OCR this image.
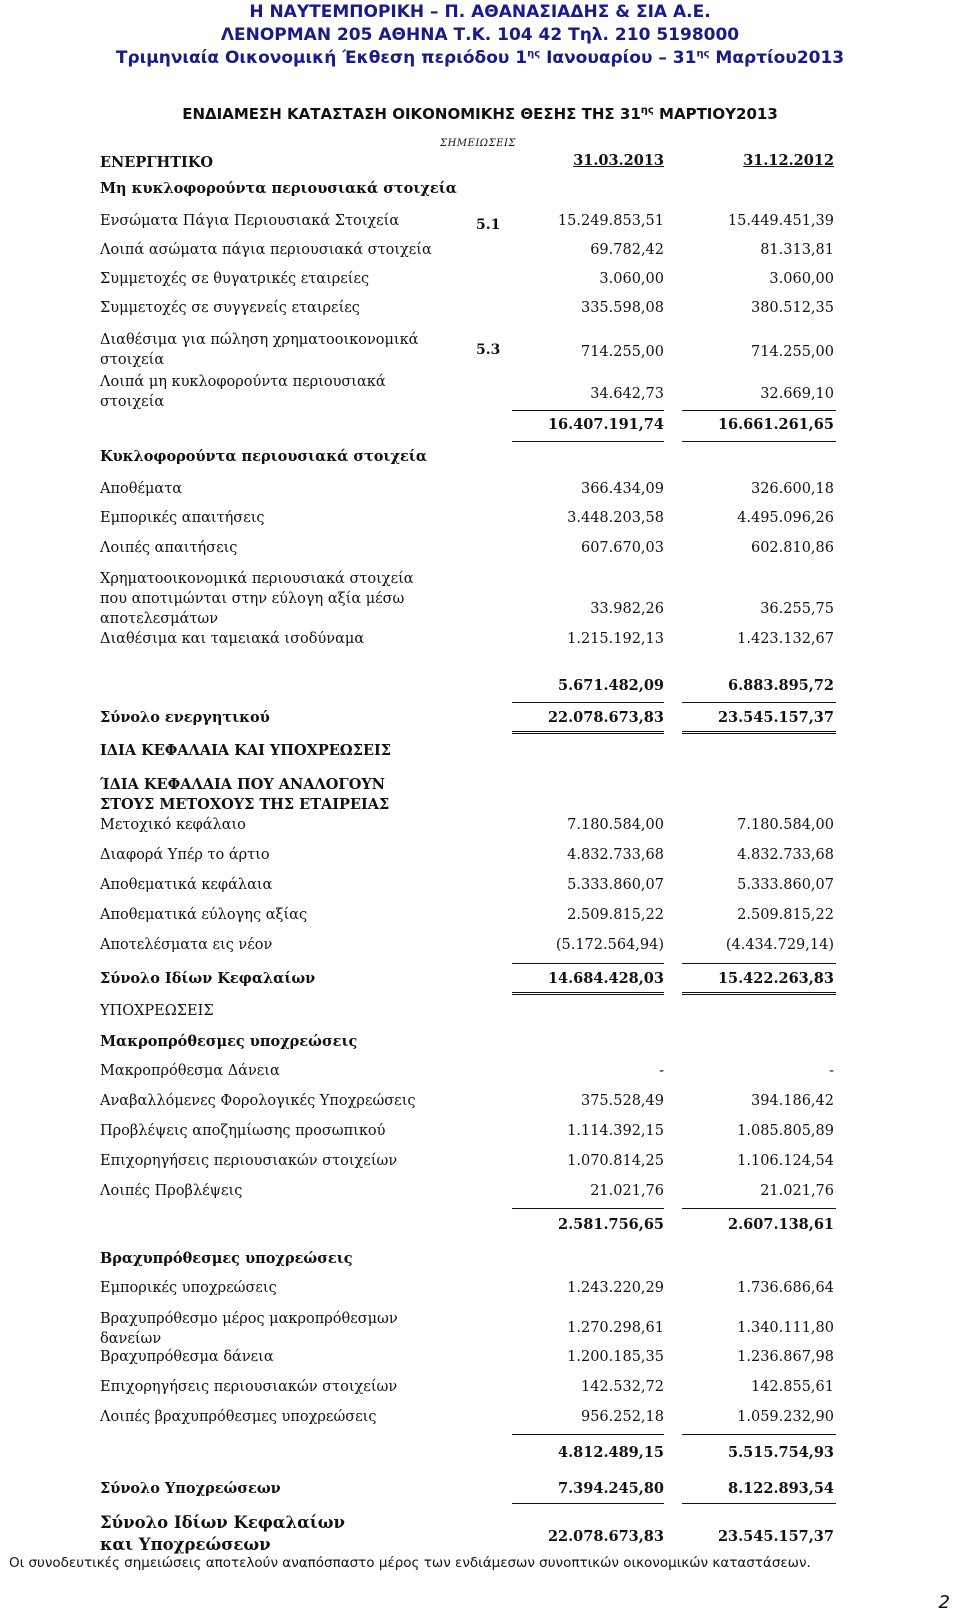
Η ΝΑΥΤΕΜΠΟΡΙΚΗ – Π. ΑΘΑΝΑΣΙΑΔΗΣ & ΣΙΑ Α.Ε.
ΛΕΝΟΡΜΑΝ 205 ΑΘΗΝΑ Τ.Κ. 104 42 Τηλ. 210 5198000
Τριμηνιαία Οικονομική Έκθεση περιόδου $1^{\eta\varsigma}$ Ιανουαρίου – $31^{\eta\varsigma}$ Μαρτίου2013
ΕΝΔΙΑΜΕΣΗ ΚΑΤΑΣΤΑΣΗ ΟΙΚΟΝΟΜΙΚΗΣ ΘΕΣΗΣ ΤΗΣ $31^{\eta\varsigma}$ ΜΑΡΤΙΟΥ2013
ΣΗΜΕΙΩΣΕΙΣ
ΕΝΕΡΓΗΤΙΚΟ	31.03.2013	31.12.2012
Μη κυκλοφορούντα περιουσιακά στοιχεία
Ενσώματα Πάγια Περιουσιακά Στοιχεία	5.1	15.249.853,51	15.449.451,39
Λοιπά ασώματα πάγια περιουσιακά στοιχεία	69.782,42	81.313,81
Συμμετοχές σε θυγατρικές εταιρείες	3.060,00	3.060,00
Συμμετοχές σε συγγενείς εταιρείες	335.598,08	380.512,35
Διαθέσιμα για πώληση χρηματοοικονομικά στοιχεία
5.3	714.255,00	714.255,00
Λοιπά μη κυκλοφορούντα περιουσιακά στοιχεία	34.642,73	32.669,10
16.407.191,74	16.661.261,65
Κυκλοφορούντα περιουσιακά στοιχεία
Αποθέματα	366.434,09	326.600,18
Εμπορικές απαιτήσεις	3.448.203,58	4.495.096,26
Λοιπές απαιτήσεις	607.670,03	602.810,86
Χρηματοοικονομικά περιουσιακά στοιχεία που αποτιμώνται στην εύλογη αξία μέσω αποτελεσμάτων
33.982,26	36.255,75
Διαθέσιμα και ταμειακά ισοδύναμα	1.215.192,13	1.423.132,67
5.671.482,09	6.883.895,72
Σύνολο ενεργητικού	22.078.673,83	23.545.157,37
ΙΔΙΑ ΚΕΦΑΛΑΙΑ ΚΑΙ ΥΠΟΧΡΕΩΣΕΙΣ
ΊΔΙΑ ΚΕΦΑΛΑΙΑ ΠΟΥ ΑΝΑΛΟΓΟΥΝ ΣΤΟΥΣ ΜΕΤΟΧΟΥΣ ΤΗΣ ΕΤΑΙΡΕΙΑΣ
Μετοχικό κεφάλαιο	7.180.584,00	7.180.584,00
Διαφορά Υπέρ το άρτιο	4.832.733,68	4.832.733,68
Αποθεματικά κεφάλαια	5.333.860,07	5.333.860,07
Αποθεματικά εύλογης αξίας	2.509.815,22	2.509.815,22
Αποτελέσματα εις νέον	(5.172.564,94)	(4.434.729,14)
Σύνολο Ιδίων Κεφαλαίων	14.684.428,03	15.422.263,83
ΥΠΟΧΡΕΩΣΕΙΣ
Μακροπρόθεσμες υποχρεώσεις
Μακροπρόθεσμα Δάνεια	-	-
Αναβαλλόμενες Φορολογικές Υποχρεώσεις	375.528,49	394.186,42
Προβλέψεις αποζημίωσης προσωπικού	1.114.392,15	1.085.805,89
Επιχορηγήσεις περιουσιακών στοιχείων	1.070.814,25	1.106.124,54
Λοιπές Προβλέψεις	21.021,76	21.021,76
2.581.756,65	2.607.138,61
Βραχυπρόθεσμες υποχρεώσεις
Εμπορικές υποχρεώσεις	1.243.220,29	1.736.686,64
Βραχυπρόθεσμο μέρος μακροπρόθεσμων δανείων
1.270.298,61	1.340.111,80
Βραχυπρόθεσμα δάνεια	1.200.185,35	1.236.867,98
Επιχορηγήσεις περιουσιακών στοιχείων	142.532,72	142.855,61
Λοιπές βραχυπρόθεσμες υποχρεώσεις	956.252,18	1.059.232,90
4.812.489,15	5.515.754,93
Σύνολο Υποχρεώσεων	7.394.245,80	8.122.893,54
Σύνολο Ιδίων Κεφαλαίων
και Υποχρεώσεων	22.078.673,83	23.545.157,37
Οι συνοδευτικές σημειώσεις αποτελούν αναπόσπαστο μέρος των ενδιάμεσων συνοπτικών οικονομικών καταστάσεων.
2
